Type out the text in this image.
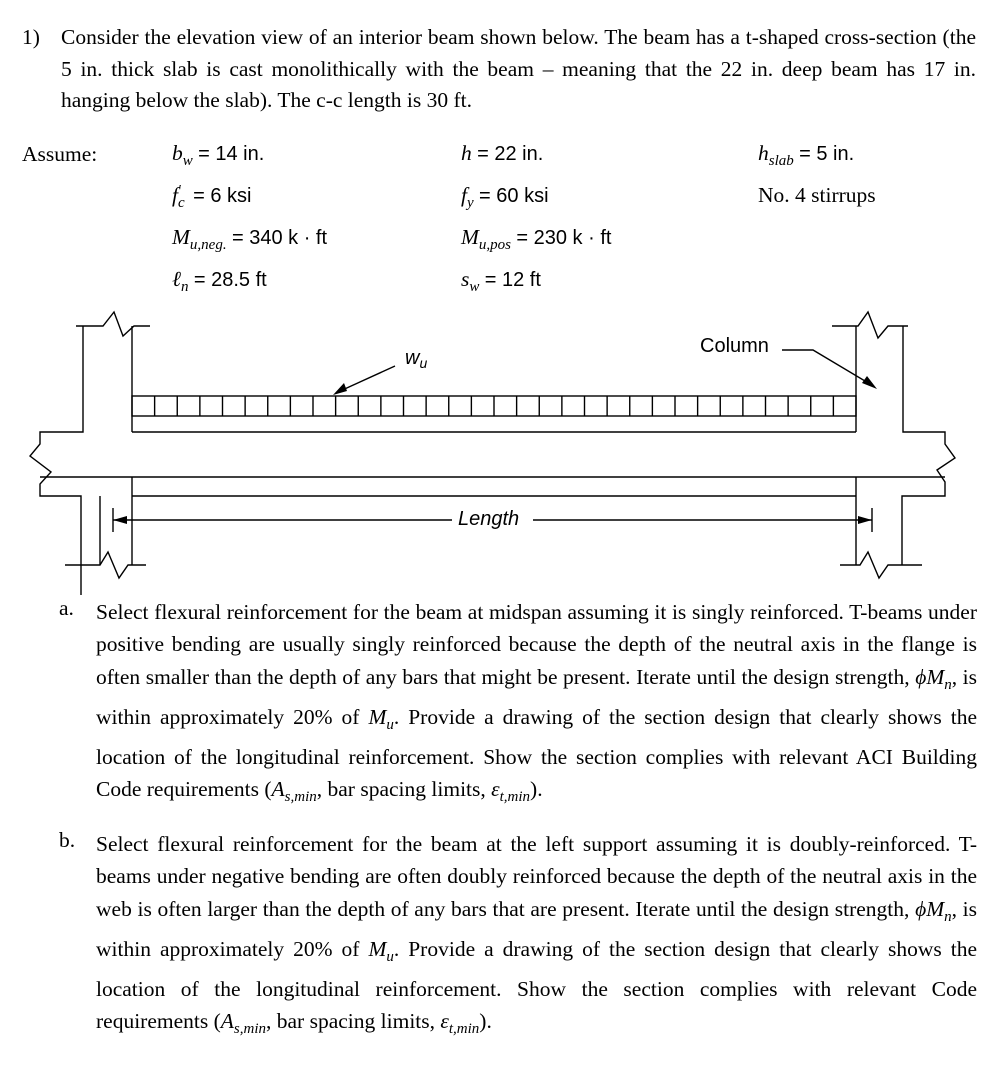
1) Consider the elevation view of an interior beam shown below. The beam has a t-shaped cross-section (the 5 in. thick slab is cast monolithically with the beam – meaning that the 22 in. deep beam has 17 in. hanging below the slab). The c-c length is 30 ft.
Assume:	$b_w = 14$ in.
$f_c' = 6$ ksi
$M_{u,neg.} = 340$ k · ft
ℓ$_n$ = 28.5 ft
h = 22 in.
$f_y = 60$ ksi
$M_{u,pos} = 230$ k · ft
$s_w = 12$ ft
$h_{slab} = 5$ in.
No. 4 stirrups
wu
Column
Length
a. Select flexural reinforcement for the beam at midspan assuming it is singly reinforced. T-beams under positive bending are usually singly reinforced because the depth of the neutral axis in the flange is often smaller than the depth of any bars that might be present. Iterate until the design strength, $\phi M_n$, is within approximately 20% of $M_u$. Provide a drawing of the section design that clearly shows the location of the longitudinal reinforcement. Show the section complies with relevant ACI Building Code requirements ($A_{s,min}$, bar spacing limits, $\varepsilon_{t,min}$).
b. Select flexural reinforcement for the beam at the left support assuming it is doubly-reinforced. T-beams under negative bending are often doubly reinforced because the depth of the neutral axis in the web is often larger than the depth of any bars that are present. Iterate until the design strength, $\phi M_n$, is within approximately 20% of $M_u$. Provide a drawing of the section design that clearly shows the location of the longitudinal reinforcement. Show the section complies with relevant Code requirements ($A_{s,min}$, bar spacing limits, $\varepsilon_{t,min}$).
